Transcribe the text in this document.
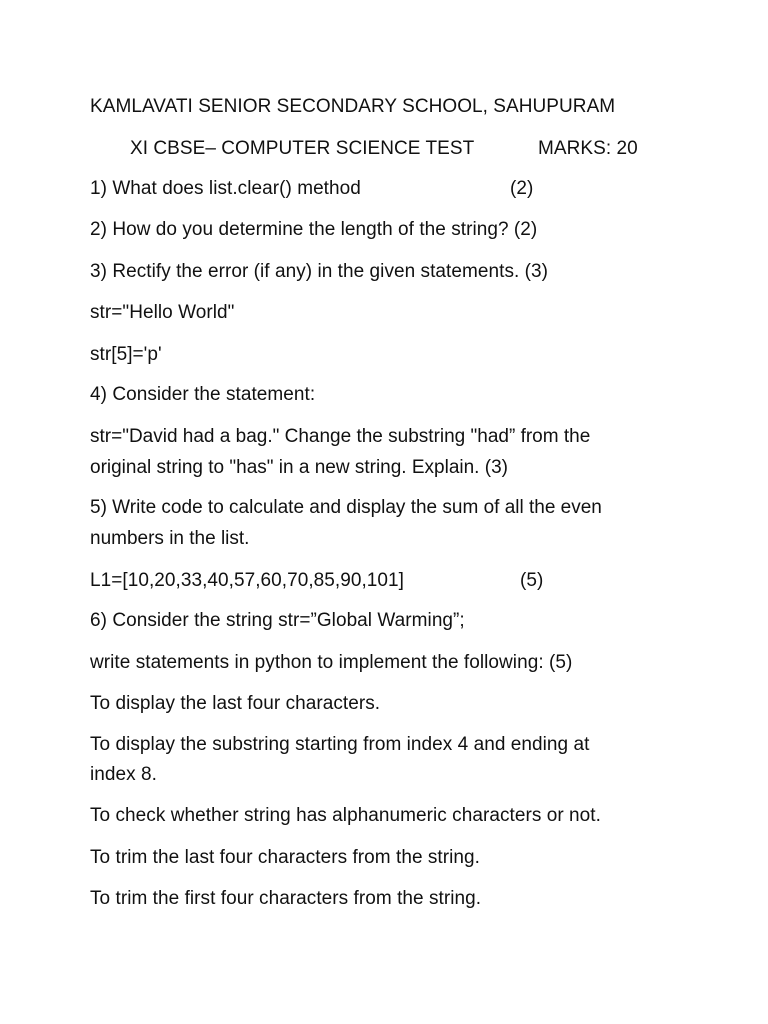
KAMLAVATI SENIOR SECONDARY SCHOOL, SAHUPURAM
XI CBSE– COMPUTER SCIENCE TEST	MARKS: 20
1) What does list.clear() method	(2)
2) How do you determine the length of the string? (2)
3) Rectify the error (if any) in the given statements. (3)
str="Hello World"
str[5]='p'
4) Consider the statement:
str="David had a bag." Change the substring "had” from the
original string to "has" in a new string. Explain. (3)
5) Write code to calculate and display the sum of all the even
numbers in the list.
L1=[10,20,33,40,57,60,70,85,90,101]	(5)
6) Consider the string str=”Global Warming”;
write statements in python to implement the following: (5)
To display the last four characters.
To display the substring starting from index 4 and ending at
index 8.
To check whether string has alphanumeric characters or not.
To trim the last four characters from the string.
To trim the first four characters from the string.
